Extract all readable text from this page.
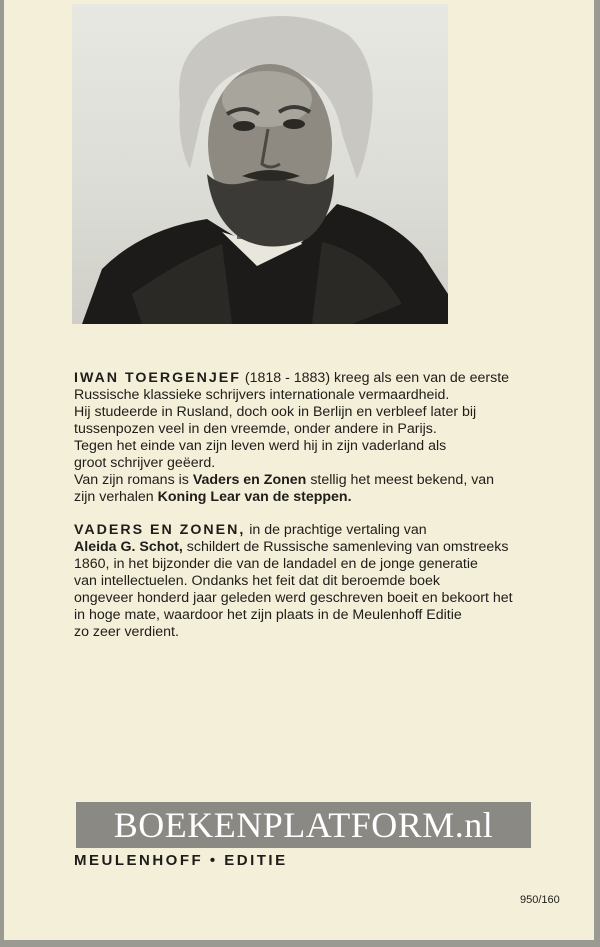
IWAN TOERGENJEF (1818 - 1883) kreeg als een van de eerste

Russische klassieke schrijvers internationale vermaardheid.

Hij studeerde in Rusland, doch ook in Berlijn en verbleef later bij

tussenpozen veel in den vreemde, onder andere in Parijs.

Tegen het einde van zijn leven werd hij in zijn vaderland als

groot schrijver geëerd.

Van zijn romans is Vaders en Zonen stellig het meest bekend, van

zijn verhalen Koning Lear van de steppen.

VADERS EN ZONEN, in de prachtige vertaling van

Aleida G. Schot, schildert de Russische samenleving van omstreeks

1860, in het bijzonder die van de landadel en de jonge generatie

van intellectuelen. Ondanks het feit dat dit beroemde boek

ongeveer honderd jaar geleden werd geschreven boeit en bekoort het

in hoge mate, waardoor het zijn plaats in de Meulenhoff Editie

zo zeer verdient.

BOEKENPLATFORM.nl
MEULENHOFF • EDITIE
950/160
